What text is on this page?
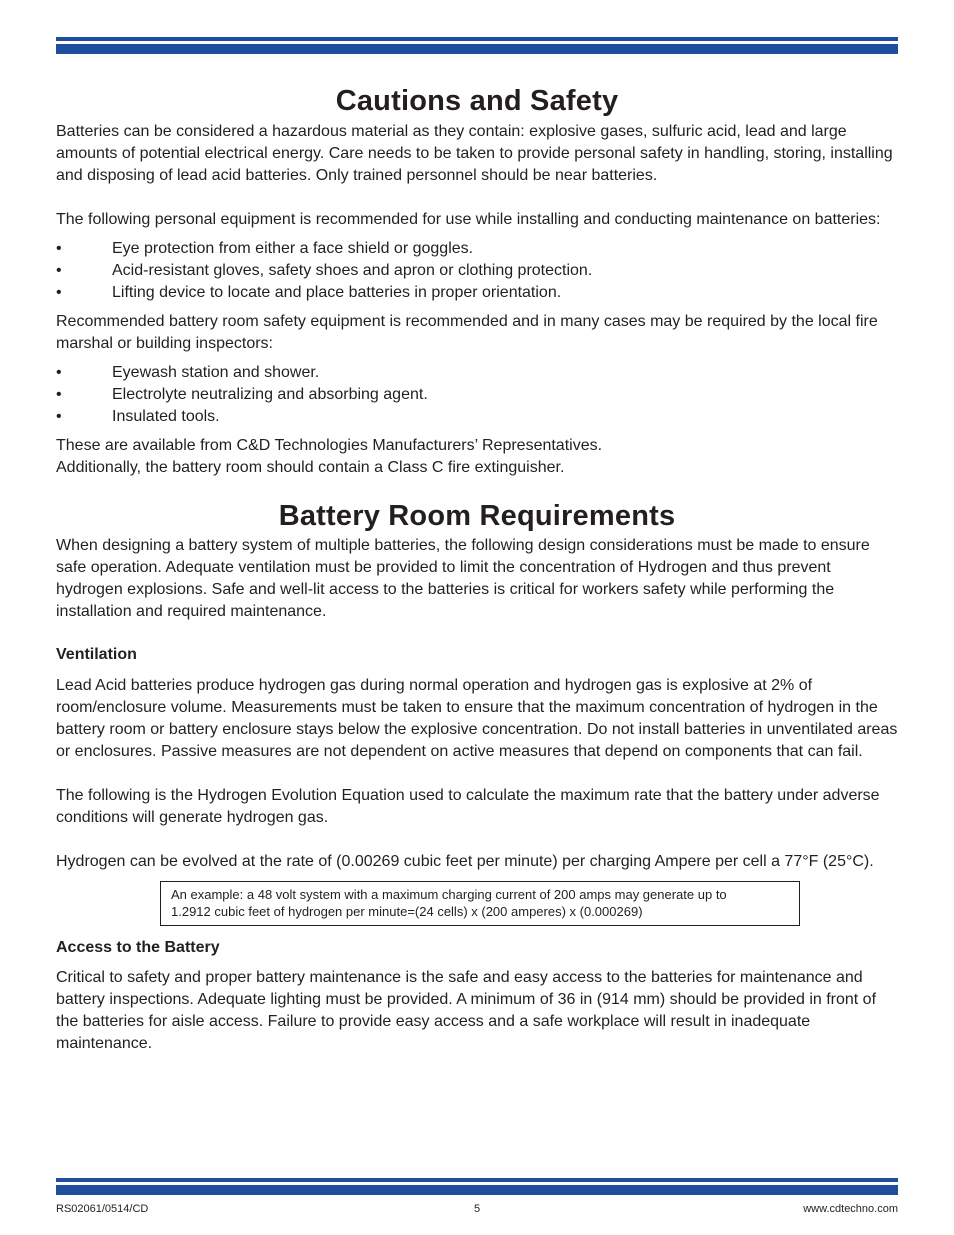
Cautions and Safety

Batteries can be considered a hazardous material as they contain: explosive gases, sulfuric acid, lead and large amounts of potential electrical energy. Care needs to be taken to provide personal safety in handling, storing, installing and disposing of lead acid batteries. Only trained personnel should be near batteries.

The following personal equipment is recommended for use while installing and conducting maintenance on batteries:

•	Eye protection from either a face shield or goggles.
•	Acid-resistant gloves, safety shoes and apron or clothing protection.
•	Lifting device to locate and place batteries in proper orientation.

Recommended battery room safety equipment is recommended and in many cases may be required by the local fire marshal or building inspectors:

•	Eyewash station and shower.
•	Electrolyte neutralizing and absorbing agent.
•	Insulated tools.

These are available from C&D Technologies Manufacturers’ Representatives.

Additionally, the battery room should contain a Class C fire extinguisher.

Battery Room Requirements

When designing a battery system of multiple batteries, the following design considerations must be made to ensure safe operation. Adequate ventilation must be provided to limit the concentration of Hydrogen and thus prevent hydrogen explosions. Safe and well-lit access to the batteries is critical for workers safety while performing the installation and required maintenance.

Ventilation

Lead Acid batteries produce hydrogen gas during normal operation and hydrogen gas is explosive at 2% of room/enclosure volume. Measurements must be taken to ensure that the maximum concentration of hydrogen in the battery room or battery enclosure stays below the explosive concentration. Do not install batteries in unventilated areas or enclosures. Passive measures are not dependent on active measures that depend on components that can fail.

The following is the Hydrogen Evolution Equation used to calculate the maximum rate that the battery under adverse conditions will generate hydrogen gas.

Hydrogen can be evolved at the rate of (0.00269 cubic feet per minute) per charging Ampere per cell a 77°F (25°C).

An example: a 48 volt system with a maximum charging current of 200 amps may generate up to
1.2912 cubic feet of hydrogen per minute=(24 cells) x (200 amperes) x (0.000269)
Access to the Battery

Critical to safety and proper battery maintenance is the safe and easy access to the batteries for maintenance and battery inspections. Adequate lighting must be provided. A minimum of 36 in (914 mm) should be provided in front of the batteries for aisle access. Failure to provide easy access and a safe workplace will result in inadequate maintenance.

RS02061/0514/CD	5	www.cdtechno.com
